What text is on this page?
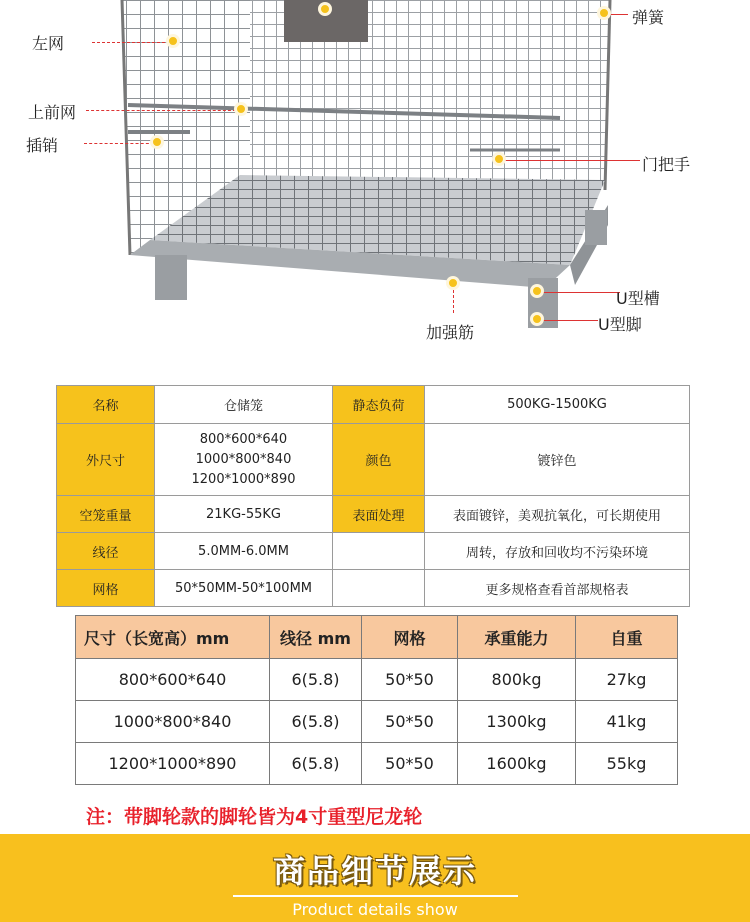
左网
弹簧
上前网
插销
门把手
U型槽
U型脚
加强筋
名称	仓储笼	静态负荷	500KG-1500KG
外尺寸	800*600*640
1000*800*840
1200*1000*890	颜色	镀锌色
空笼重量	21KG-55KG	表面处理	表面镀锌，美观抗氧化，可长期使用
线径	5.0MM-6.0MM		周转，存放和回收均不污染环境
网格	50*50MM-50*100MM		更多规格查看首部规格表
尺寸（长宽高）mm	线径 mm	网格	承重能力	自重
800*600*640	6(5.8)	50*50	800kg	27kg
1000*800*840	6(5.8)	50*50	1300kg	41kg
1200*1000*890	6(5.8)	50*50	1600kg	55kg
注：带脚轮款的脚轮皆为4寸重型尼龙轮
商品细节展示
Product details show
